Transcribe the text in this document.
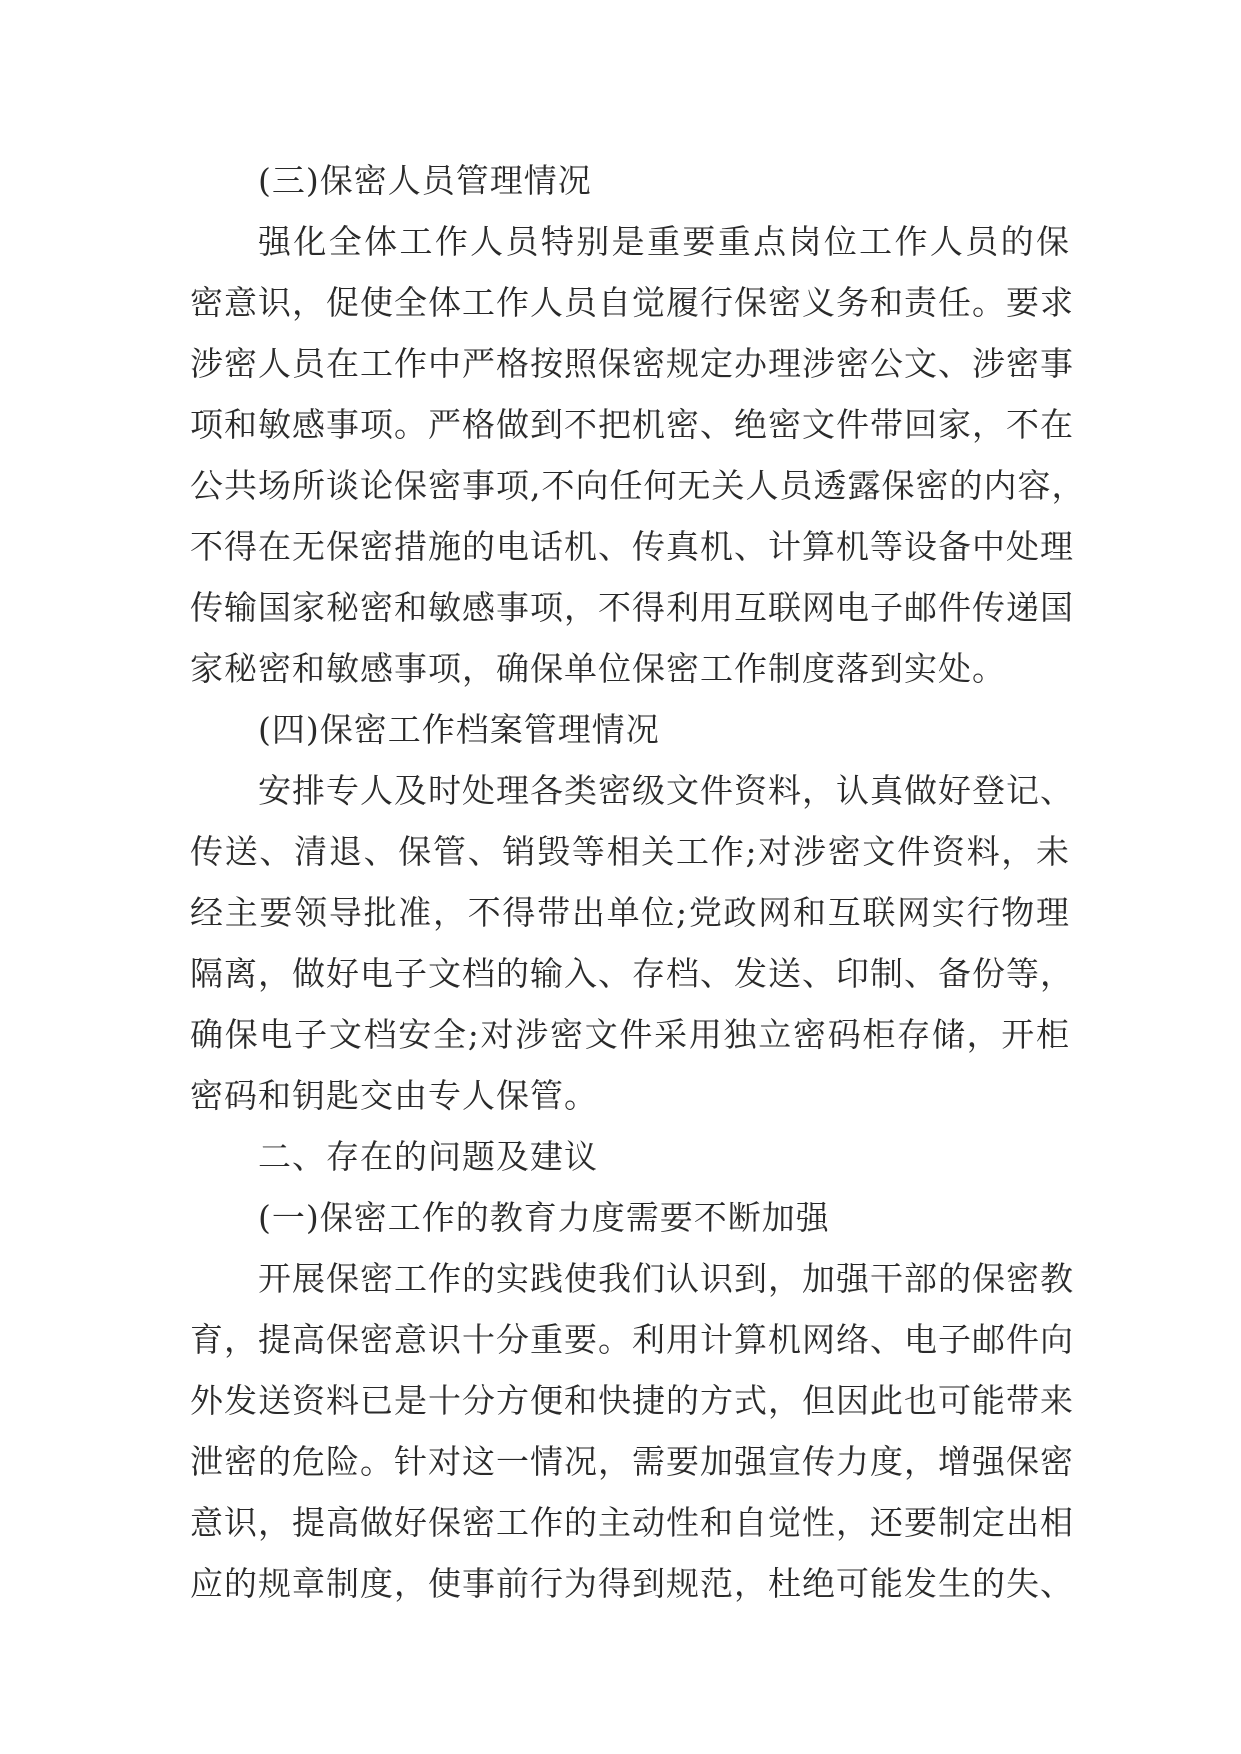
(三)保密人员管理情况
强化全体工作人员特别是重要重点岗位工作人员的保
密意识，促使全体工作人员自觉履行保密义务和责任。要求
涉密人员在工作中严格按照保密规定办理涉密公文、涉密事
项和敏感事项。严格做到不把机密、绝密文件带回家，不在
公共场所谈论保密事项,不向任何无关人员透露保密的内容，
不得在无保密措施的电话机、传真机、计算机等设备中处理
传输国家秘密和敏感事项，不得利用互联网电子邮件传递国
家秘密和敏感事项，确保单位保密工作制度落到实处。
(四)保密工作档案管理情况
安排专人及时处理各类密级文件资料，认真做好登记、
传送、清退、保管、销毁等相关工作;对涉密文件资料，未
经主要领导批准，不得带出单位;党政网和互联网实行物理
隔离，做好电子文档的输入、存档、发送、印制、备份等，
确保电子文档安全;对涉密文件采用独立密码柜存储，开柜
密码和钥匙交由专人保管。
二、存在的问题及建议
(一)保密工作的教育力度需要不断加强
开展保密工作的实践使我们认识到，加强干部的保密教
育，提高保密意识十分重要。利用计算机网络、电子邮件向
外发送资料已是十分方便和快捷的方式，但因此也可能带来
泄密的危险。针对这一情况，需要加强宣传力度，增强保密
意识，提高做好保密工作的主动性和自觉性，还要制定出相
应的规章制度，使事前行为得到规范，杜绝可能发生的失、
